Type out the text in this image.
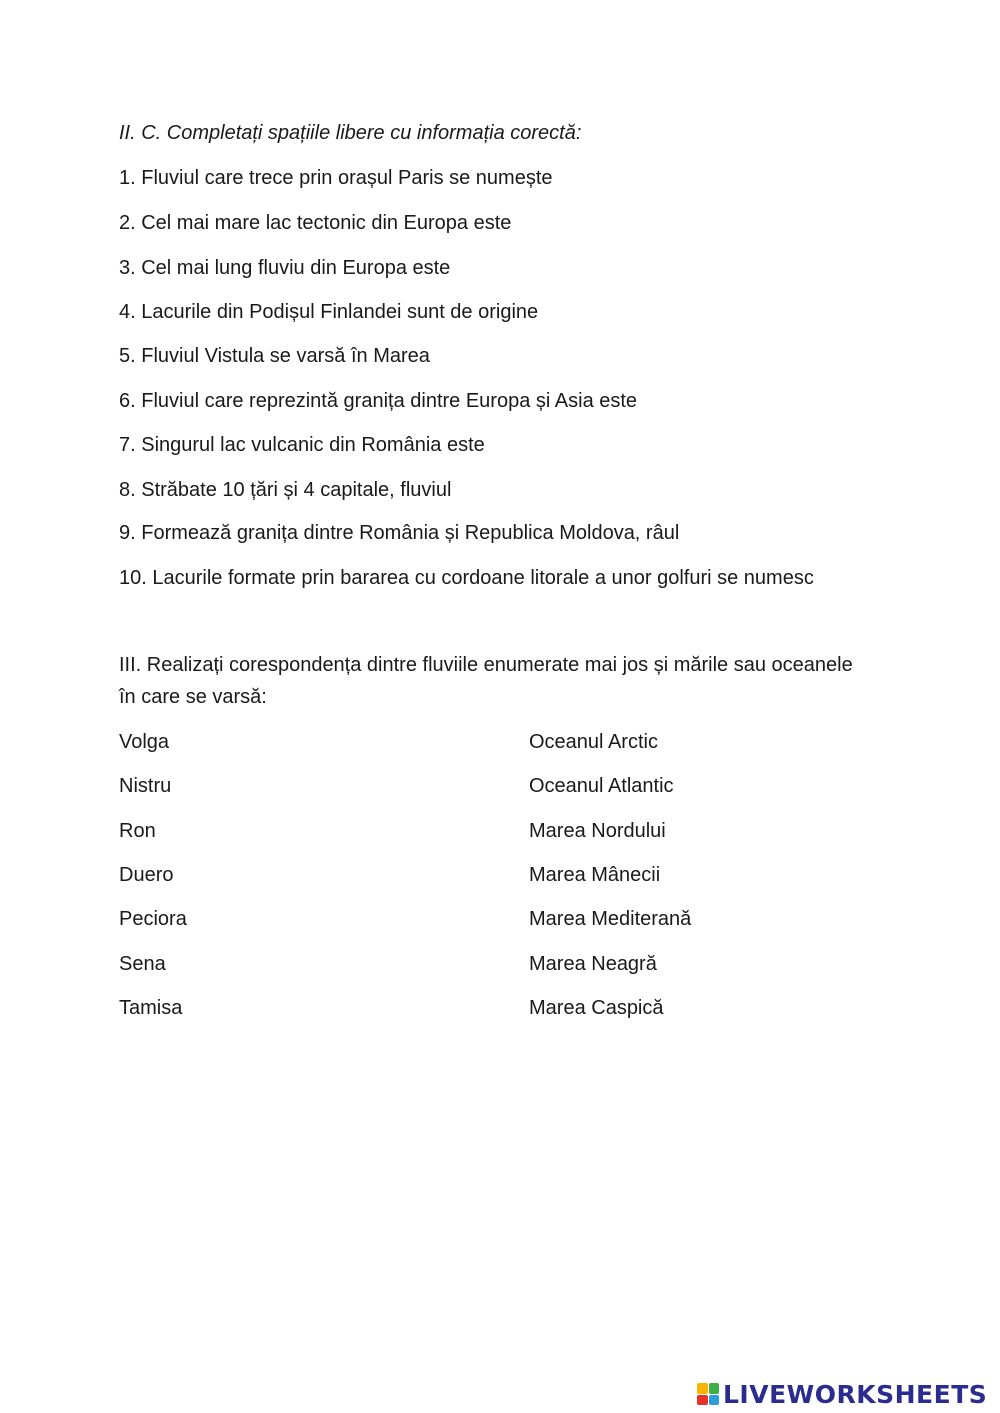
II. C. Completați spațiile libere cu informația corectă:
1. Fluviul care trece prin orașul Paris se numește
2. Cel mai mare lac tectonic din Europa este
3. Cel mai lung fluviu din Europa este
4. Lacurile din Podișul Finlandei sunt de origine
5. Fluviul Vistula se varsă în Marea
6. Fluviul care reprezintă granița dintre Europa și Asia este
7. Singurul lac vulcanic din România este
8. Străbate 10 țări și 4 capitale, fluviul
9. Formează granița dintre România și Republica Moldova, râul
10. Lacurile formate prin bararea cu cordoane litorale a unor golfuri se numesc
III. Realizați corespondența dintre fluviile enumerate mai jos și mările sau oceanele în care se varsă:
Volga
Nistru
Ron
Duero
Peciora
Sena
Tamisa
Oceanul Arctic
Oceanul Atlantic
Marea Nordului
Marea Mânecii
Marea Mediterană
Marea Neagră
Marea Caspică
LIVEWORKSHEETS
